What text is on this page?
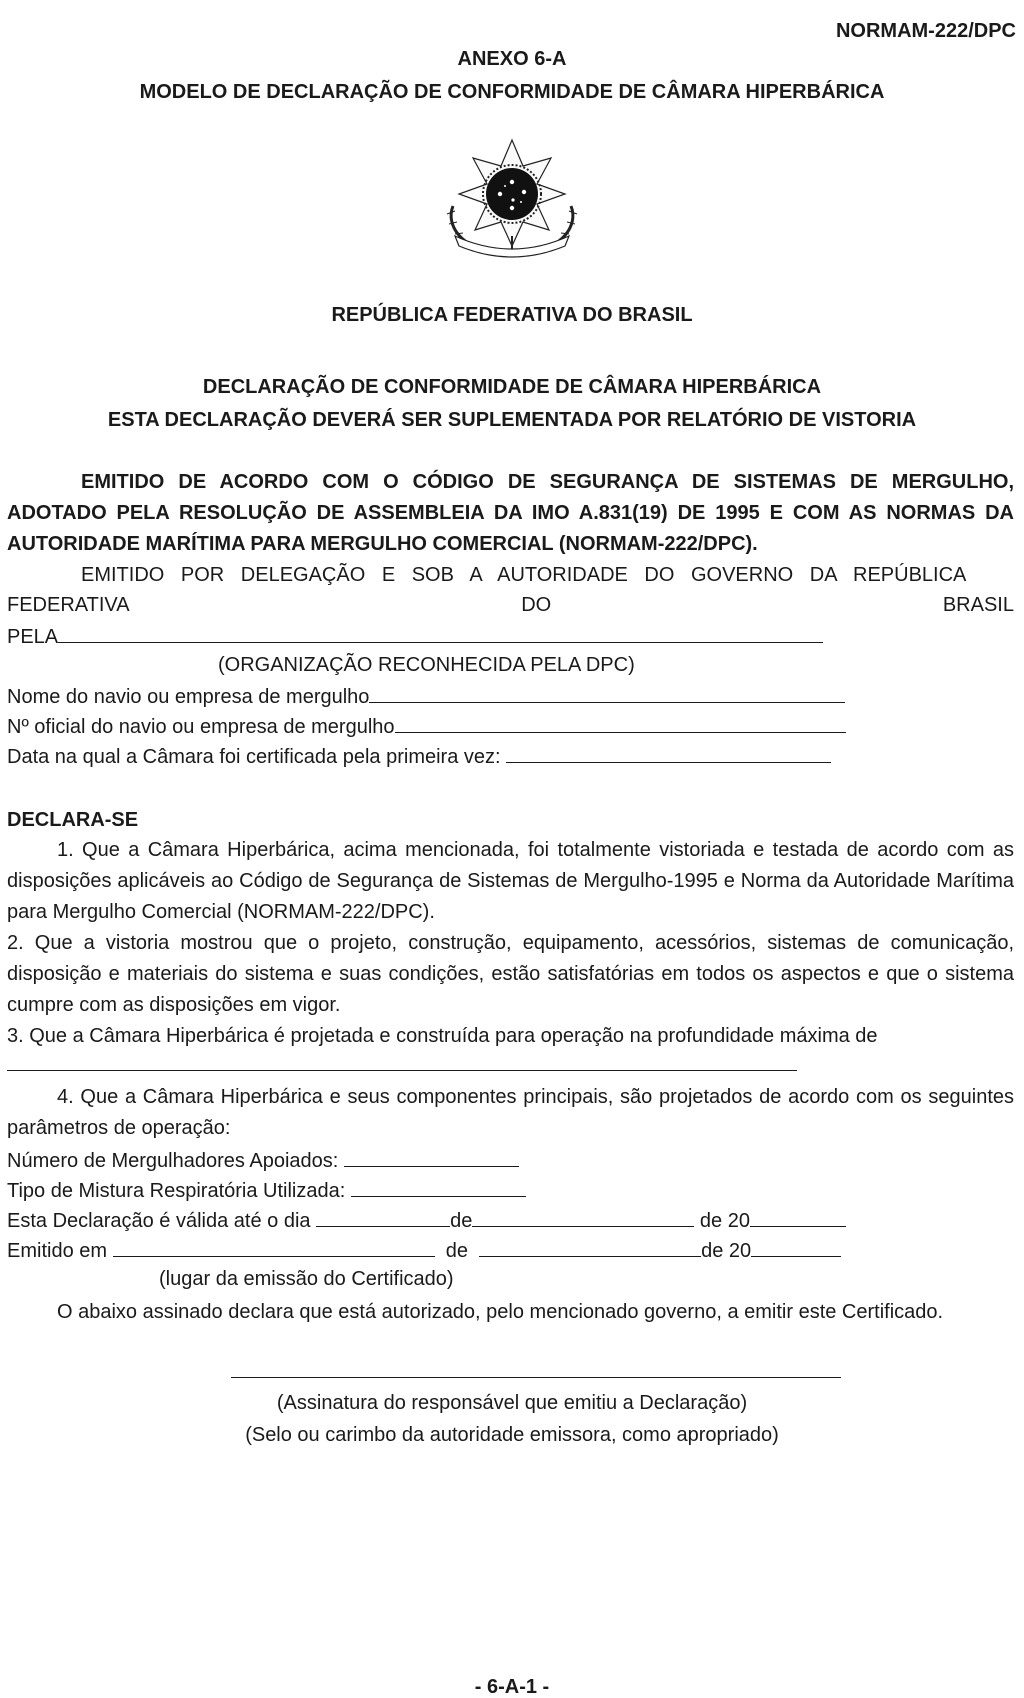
NORMAM-222/DPC
ANEXO 6-A
MODELO DE DECLARAÇÃO DE CONFORMIDADE DE CÂMARA HIPERBÁRICA
REPÚBLICA FEDERATIVA DO BRASIL
DECLARAÇÃO DE CONFORMIDADE DE CÂMARA HIPERBÁRICA
ESTA DECLARAÇÃO DEVERÁ SER SUPLEMENTADA POR RELATÓRIO DE VISTORIA
EMITIDO DE ACORDO COM O CÓDIGO DE SEGURANÇA DE SISTEMAS DE MERGULHO, ADOTADO PELA RESOLUÇÃO DE ASSEMBLEIA DA IMO A.831(19) DE 1995 E COM AS NORMAS DA AUTORIDADE MARÍTIMA PARA MERGULHO COMERCIAL (NORMAM-222/DPC).
EMITIDO POR DELEGAÇÃO E SOB A AUTORIDADE DO GOVERNO DA REPÚBLICA
FEDERATIVA	DO	BRASIL
PELA
(ORGANIZAÇÃO RECONHECIDA PELA DPC)
Nome do navio ou empresa de mergulho
Nº oficial do navio ou empresa de mergulho
Data na qual a Câmara foi certificada pela primeira vez:
DECLARA-SE
1. Que a Câmara Hiperbárica, acima mencionada, foi totalmente vistoriada e testada de acordo com as disposições aplicáveis ao Código de Segurança de Sistemas de Mergulho-1995 e Norma da Autoridade Marítima para Mergulho Comercial (NORMAM-222/DPC).
2. Que a vistoria mostrou que o projeto, construção, equipamento, acessórios, sistemas de comunicação, disposição e materiais do sistema e suas condições, estão satisfatórias em todos os aspectos e que o sistema cumpre com as disposições em vigor.
3. Que a Câmara Hiperbárica é projetada e construída para operação na profundidade máxima de
4. Que a Câmara Hiperbárica e seus componentes principais, são projetados de acordo com os seguintes parâmetros de operação:
Número de Mergulhadores Apoiados:
Tipo de Mistura Respiratória Utilizada:
Esta Declaração é válida até o dia	de	de 20
Emitido em	de	de 20
(lugar da emissão do Certificado)
O abaixo assinado declara que está autorizado, pelo mencionado governo, a emitir este Certificado.
(Assinatura do responsável que emitiu a Declaração)
(Selo ou carimbo da autoridade emissora, como apropriado)
- 6-A-1 -
